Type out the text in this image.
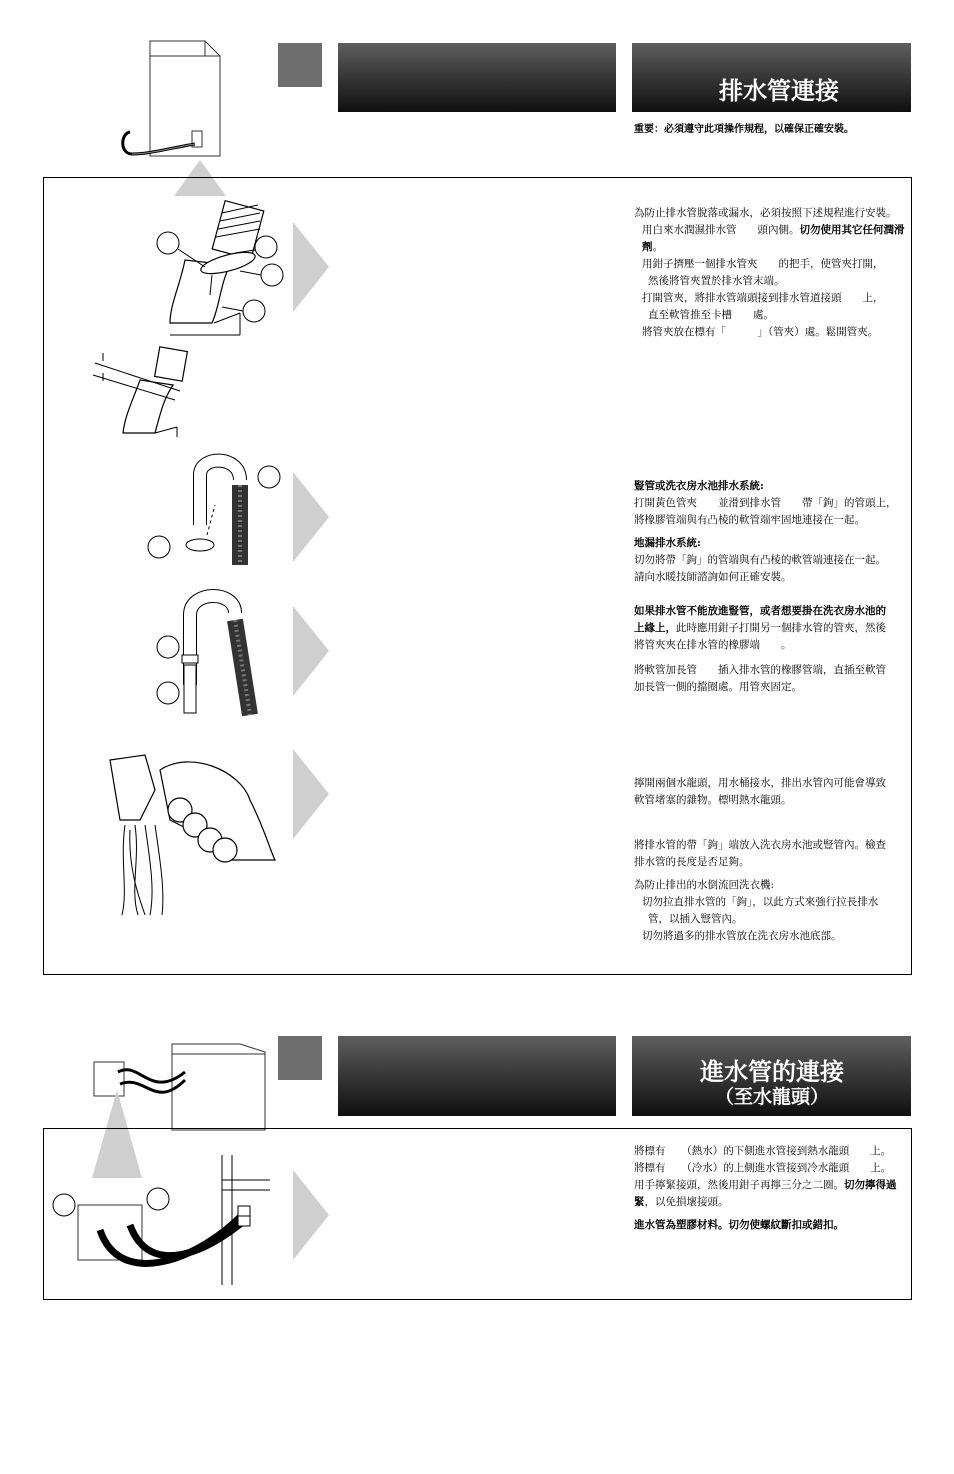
排水管連接
重要：必須遵守此項操作規程，以確保正確安裝。

為防止排水管脫落或漏水，必須按照下述規程進行安裝。

用白來水潤濕排水管　　頭內側。切勿使用其它任何潤滑劑。

用鉗子擠壓一個排水管夾　　的把手，使管夾打開，

然後將管夾置於排水管末端。

打開管夾，將排水管端頭接到排水管道接頭　　上，

直至軟管推至卡槽　　處。

將管夾放在標有「　　　」（管夾）處。鬆開管夾。

豎管或洗衣房水池排水系統:

打開黃色管夾　　並滑到排水管　　帶「鉤」的管頭上，

將橡膠管端與有凸棱的軟管端牢固地連接在一起。

地漏排水系統:

切勿將帶「鉤」的管端與有凸棱的軟管端連接在一起。

請向水暖技師諮詢如何正確安裝。

如果排水管不能放進豎管，或者想要掛在洗衣房水池的

上緣上，此時應用鉗子打開另一個排水管的管夾，然後

將管夾夾在排水管的橡膠端　　。

將軟管加長管　　插入排水管的橡膠管端，直插至軟管

加長管一側的擋圈處。用管夾固定。

擰開兩個水龍頭，用水桶接水，排出水管內可能會導致

軟管堵塞的雜物。標明熱水龍頭。

將排水管的帶「鉤」端放入洗衣房水池或豎管內。檢查

排水管的長度是否足夠。

為防止排出的水倒流回洗衣機:

切勿拉直排水管的「鉤」，以此方式來強行拉長排水

管，以插入豎管內。

切勿將過多的排水管放在洗衣房水池底部。

進水管的連接
（至水龍頭）

將標有　　（熱水）的下側進水管接到熱水龍頭　　上。

將標有　　（冷水）的上側進水管接到冷水龍頭　　上。

用手擰緊接頭，然後用鉗子再擰三分之二圈。切勿擰得過緊，以免損壞接頭。

進水管為塑膠材料。切勿使螺紋斷扣或錯扣。
